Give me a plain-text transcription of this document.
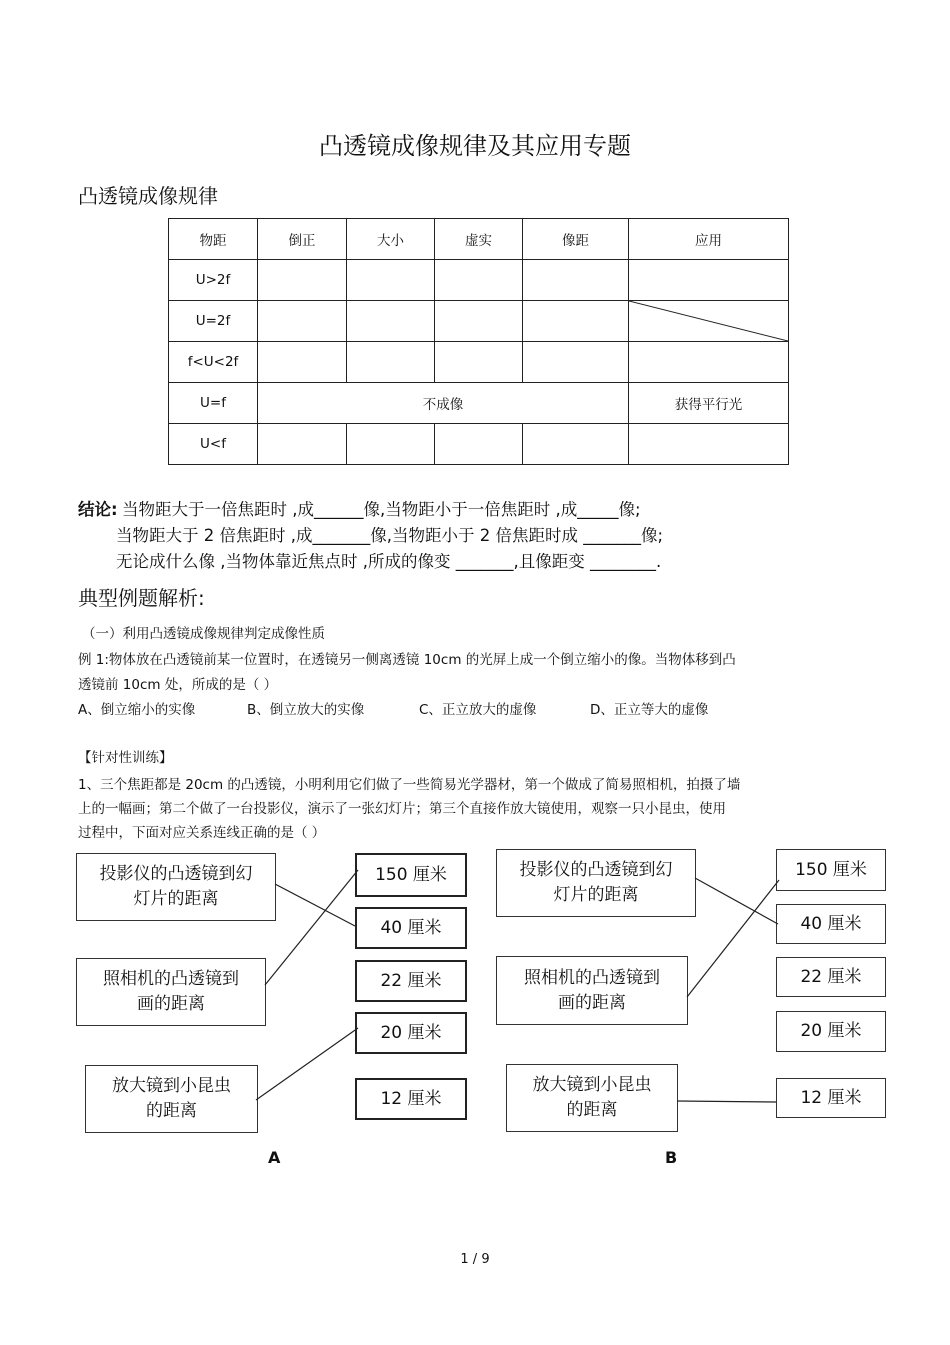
凸透镜成像规律及其应用专题
凸透镜成像规律
物距	倒正	大小	虚实	像距	应用
U>2f					
U=2f					

f<U<2f					
U=f	不成像				获得平行光
U<f					
结论: 当物距大于一倍焦距时 ,成______像,当物距小于一倍焦距时 ,成_____像;
当物距大于 2 倍焦距时 ,成_______像,当物距小于 2 倍焦距时成 _______像;
无论成什么像 ,当物体靠近焦点时 ,所成的像变 _______,且像距变 ________.
典型例题解析:
（一）利用凸透镜成像规律判定成像性质
例 1:物体放在凸透镜前某一位置时，在透镜另一侧离透镜 10cm 的光屏上成一个倒立缩小的像。当物体移到凸
透镜前 10cm 处，所成的是（ ）
A、倒立缩小的实像	B、倒立放大的实像	C、正立放大的虚像	D、正立等大的虚像
【针对性训练】
1、三个焦距都是 20cm 的凸透镜，小明利用它们做了一些简易光学器材，第一个做成了简易照相机，拍摄了墙
上的一幅画；第二个做了一台投影仪，演示了一张幻灯片；第三个直接作放大镜使用，观察一只小昆虫，使用
过程中，下面对应关系连线正确的是（ ）
投影仪的凸透镜到幻
灯片的距离
照相机的凸透镜到
画的距离
放大镜到小昆虫
的距离
150 厘米
40 厘米
22 厘米
20 厘米
12 厘米
投影仪的凸透镜到幻
灯片的距离
照相机的凸透镜到
画的距离
放大镜到小昆虫
的距离
150 厘米
40 厘米
22 厘米
20 厘米
12 厘米
A	B
1 / 9
